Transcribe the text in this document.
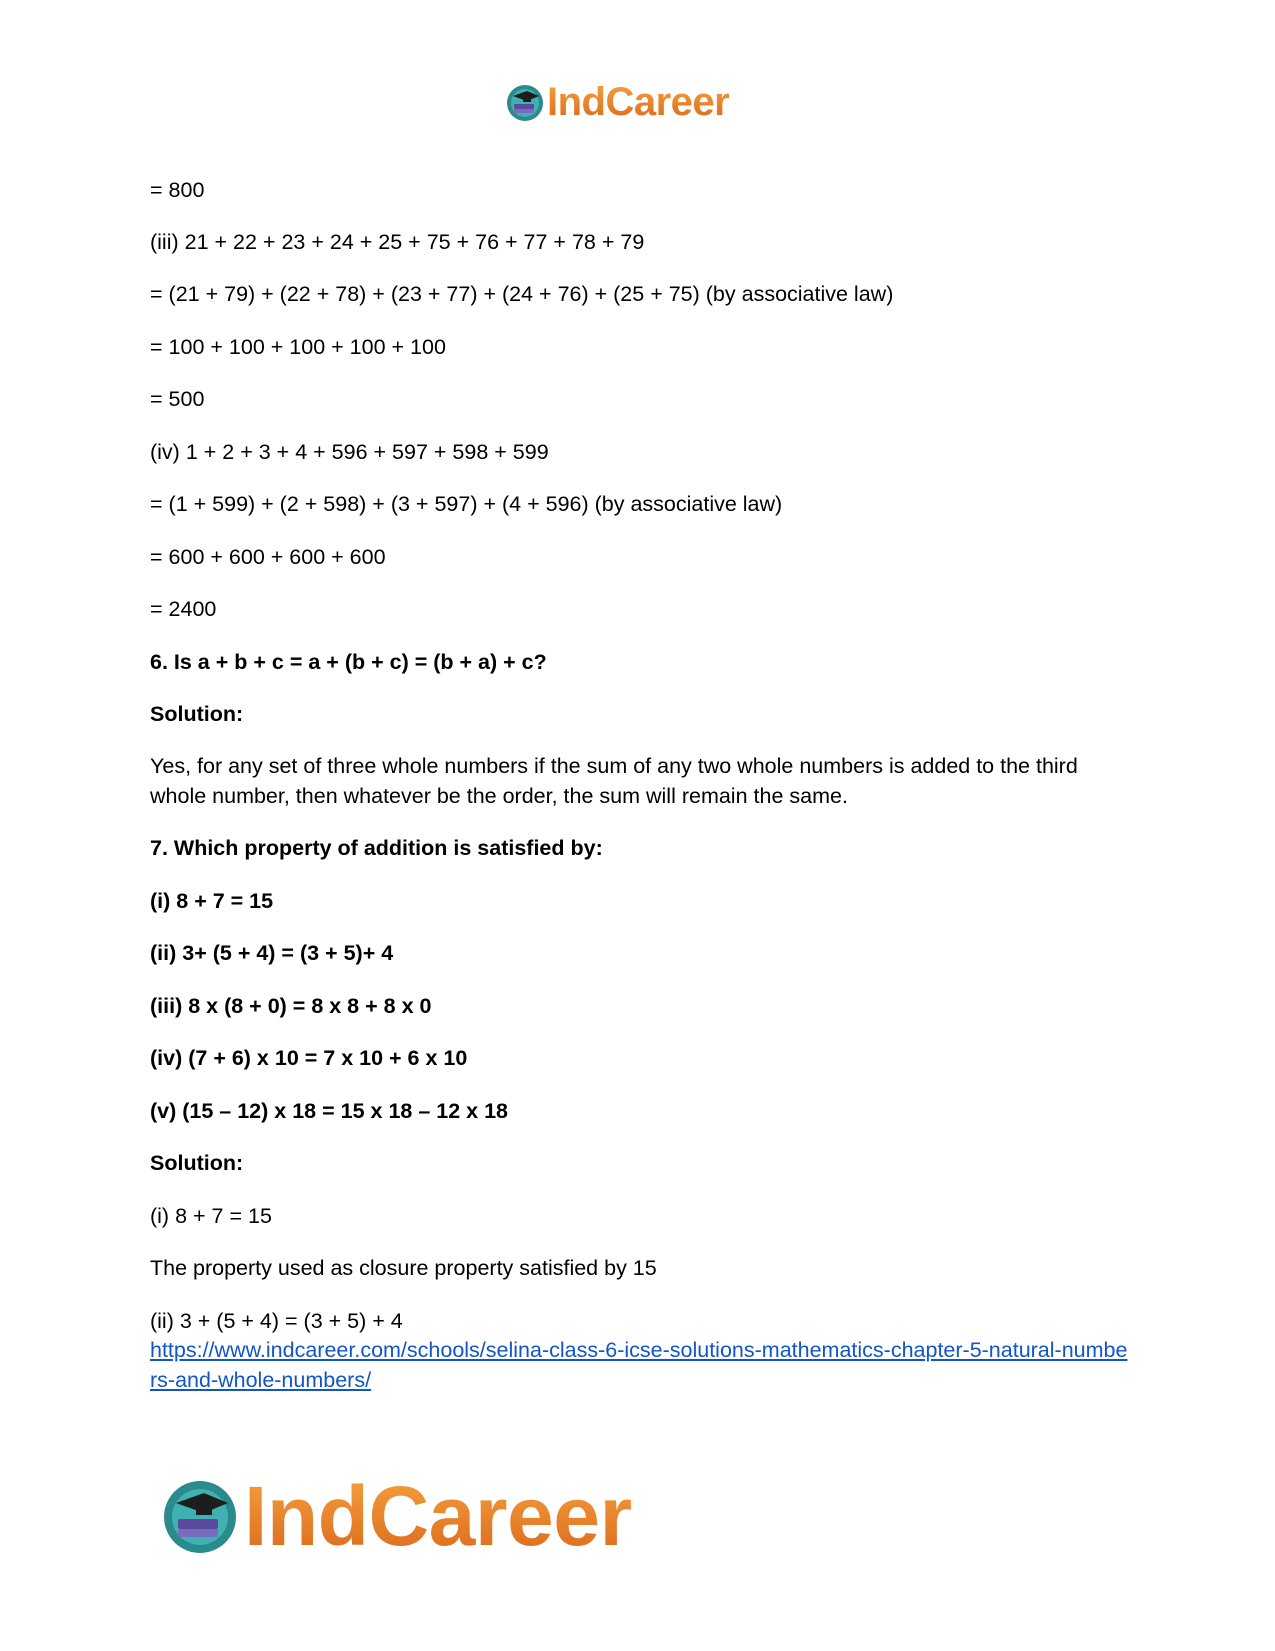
IndCareer
= 800
(iii) 21 + 22 + 23 + 24 + 25 + 75 + 76 + 77 + 78 + 79
= (21 + 79) + (22 + 78) + (23 + 77) + (24 + 76) + (25 + 75) (by associative law)
= 100 + 100 + 100 + 100 + 100
= 500
(iv) 1 + 2 + 3 + 4 + 596 + 597 + 598 + 599
= (1 + 599) + (2 + 598) + (3 + 597) + (4 + 596) (by associative law)
= 600 + 600 + 600 + 600
= 2400
6. Is a + b + c = a + (b + c) = (b + a) + c?
Solution:
Yes, for any set of three whole numbers if the sum of any two whole numbers is added to the third whole number, then whatever be the order, the sum will remain the same.
7. Which property of addition is satisfied by:
(i) 8 + 7 = 15
(ii) 3+ (5 + 4) = (3 + 5)+ 4
(iii) 8 x (8 + 0) = 8 x 8 + 8 x 0
(iv) (7 + 6) x 10 = 7 x 10 + 6 x 10
(v) (15 – 12) x 18 = 15 x 18 – 12 x 18
Solution:
(i) 8 + 7 = 15
The property used as closure property satisfied by 15
(ii) 3 + (5 + 4) = (3 + 5) + 4
https://www.indcareer.com/schools/selina-class-6-icse-solutions-mathematics-chapter-5-natural-numbers-and-whole-numbers/
IndCareer
